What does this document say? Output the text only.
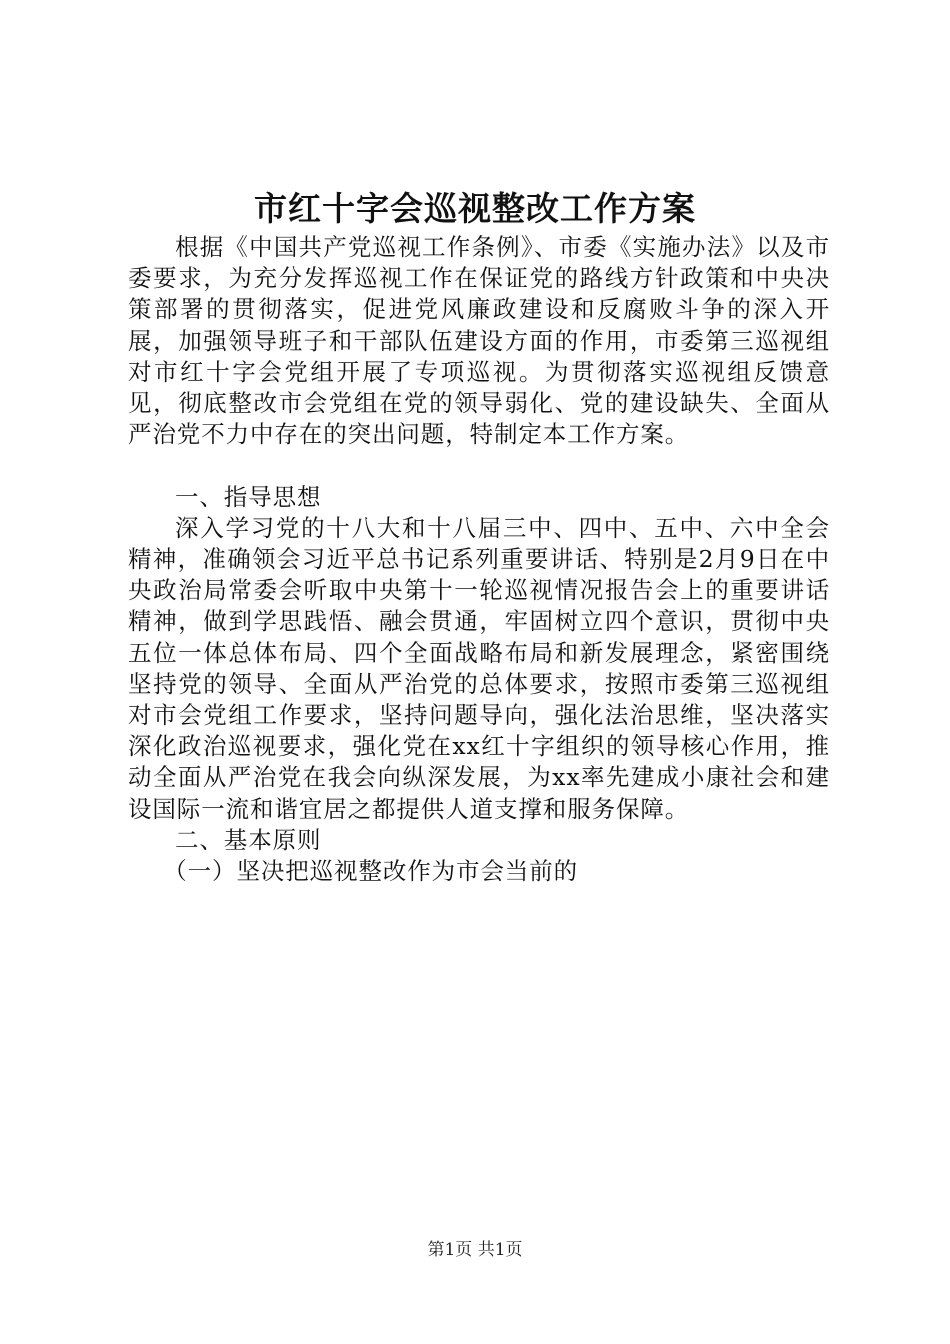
市红十字会巡视整改工作方案

根据《中国共产党巡视工作条例》、市委《实施办法》以及市委要求，为充分发挥巡视工作在保证党的路线方针政策和中央决策部署的贯彻落实，促进党风廉政建设和反腐败斗争的深入开展，加强领导班子和干部队伍建设方面的作用，市委第三巡视组对市红十字会党组开展了专项巡视。为贯彻落实巡视组反馈意见，彻底整改市会党组在党的领导弱化、党的建设缺失、全面从严治党不力中存在的突出问题，特制定本工作方案。

一、指导思想

深入学习党的十八大和十八届三中、四中、五中、六中全会精神，准确领会习近平总书记系列重要讲话、特别是2月9日在中央政治局常委会听取中央第十一轮巡视情况报告会上的重要讲话精神，做到学思践悟、融会贯通，牢固树立四个意识，贯彻中央五位一体总体布局、四个全面战略布局和新发展理念，紧密围绕坚持党的领导、全面从严治党的总体要求，按照市委第三巡视组对市会党组工作要求，坚持问题导向，强化法治思维，坚决落实深化政治巡视要求，强化党在xx红十字组织的领导核心作用，推动全面从严治党在我会向纵深发展，为xx率先建成小康社会和建设国际一流和谐宜居之都提供人道支撑和服务保障。

二、基本原则

（一）坚决把巡视整改作为市会当前的

第1页 共1页
